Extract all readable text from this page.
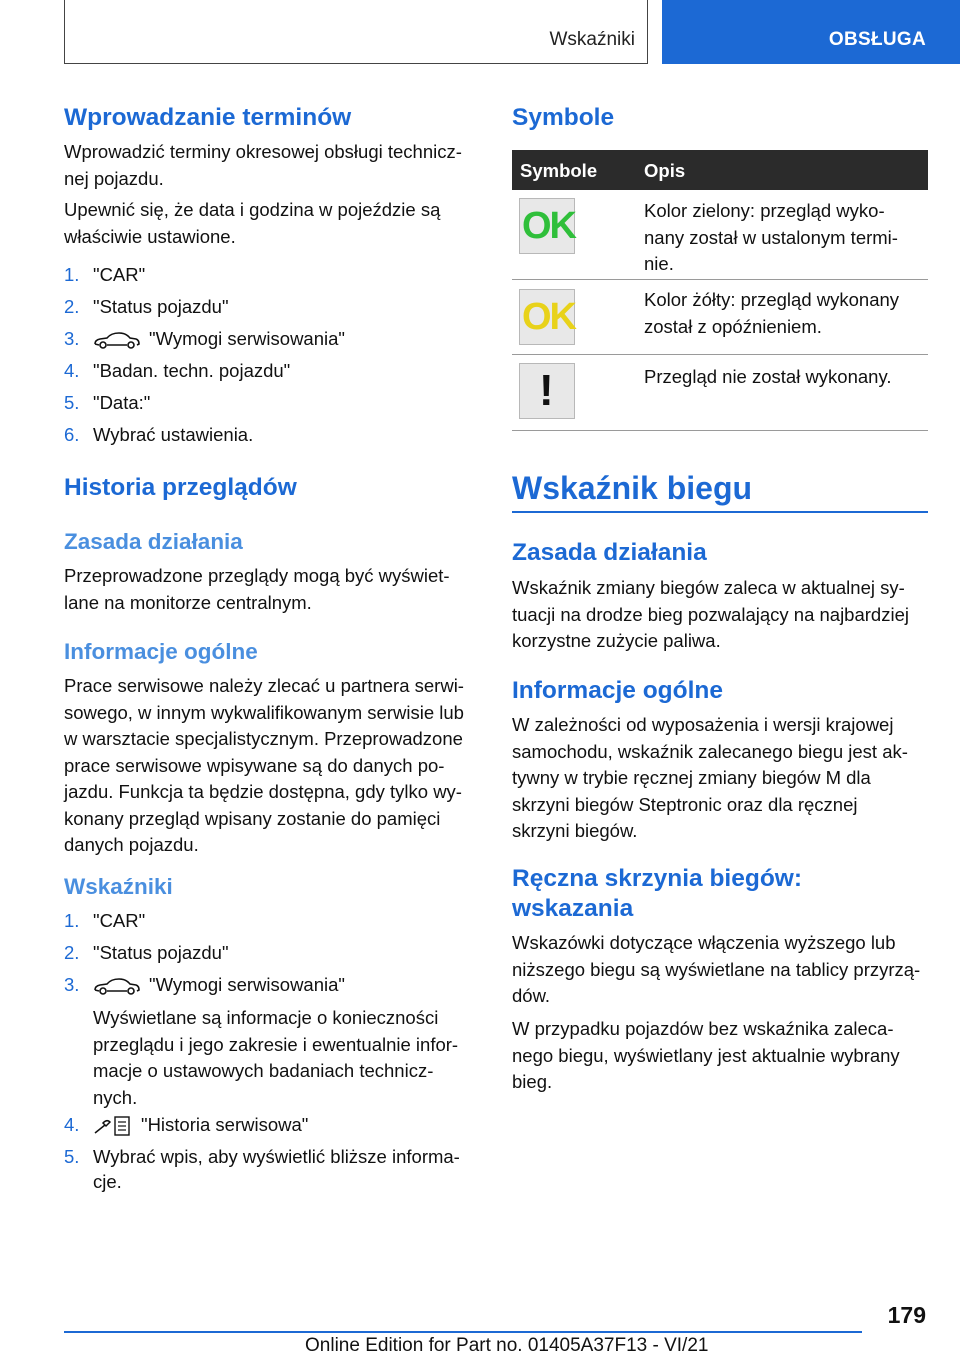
Wskaźniki	OBSŁUGA
Wprowadzanie terminów
Wprowadzić terminy okresowej obsługi technicz‐
nej pojazdu.
Upewnić się, że data i godzina w pojeździe są
właściwie ustawione.
1. "CAR"
2. "Status pojazdu"
3.	"Wymogi serwisowania"
4. "Badan. techn. pojazdu"
5. "Data:"
6. Wybrać ustawienia.
Historia przeglądów
Zasada działania
Przeprowadzone przeglądy mogą być wyświet‐
lane na monitorze centralnym.
Informacje ogólne
Prace serwisowe należy zlecać u partnera serwi‐
sowego, w innym wykwalifikowanym serwisie lub
w warsztacie specjalistycznym. Przeprowadzone
prace serwisowe wpisywane są do danych po‐
jazdu. Funkcja ta będzie dostępna, gdy tylko wy‐
konany przegląd wpisany zostanie do pamięci
danych pojazdu.
Wskaźniki
1. "CAR"
2. "Status pojazdu"
3.	"Wymogi serwisowania"
Wyświetlane są informacje o konieczności
przeglądu i jego zakresie i ewentualnie infor‐
macje o ustawowych badaniach technicz‐
nych.
4.	"Historia serwisowa"
5. Wybrać wpis, aby wyświetlić bliższe informa‐
cje.
Symbole
Symbole	Opis
OK	Kolor zielony: przegląd wyko‐
nany został w ustalonym termi‐
nie.
OK	Kolor żółty: przegląd wykonany
został z opóźnieniem.
!	Przegląd nie został wykonany.
Wskaźnik biegu
Zasada działania
Wskaźnik zmiany biegów zaleca w aktualnej sy‐
tuacji na drodze bieg pozwalający na najbardziej
korzystne zużycie paliwa.
Informacje ogólne
W zależności od wyposażenia i wersji krajowej
samochodu, wskaźnik zalecanego biegu jest ak‐
tywny w trybie ręcznej zmiany biegów M dla
skrzyni biegów Steptronic oraz dla ręcznej
skrzyni biegów.
Ręczna skrzynia biegów:
wskazania
Wskazówki dotyczące włączenia wyższego lub
niższego biegu są wyświetlane na tablicy przyrzą‐
dów.
W przypadku pojazdów bez wskaźnika zaleca‐
nego biegu, wyświetlany jest aktualnie wybrany
bieg.
179
Online Edition for Part no. 01405A37F13 - VI/21
